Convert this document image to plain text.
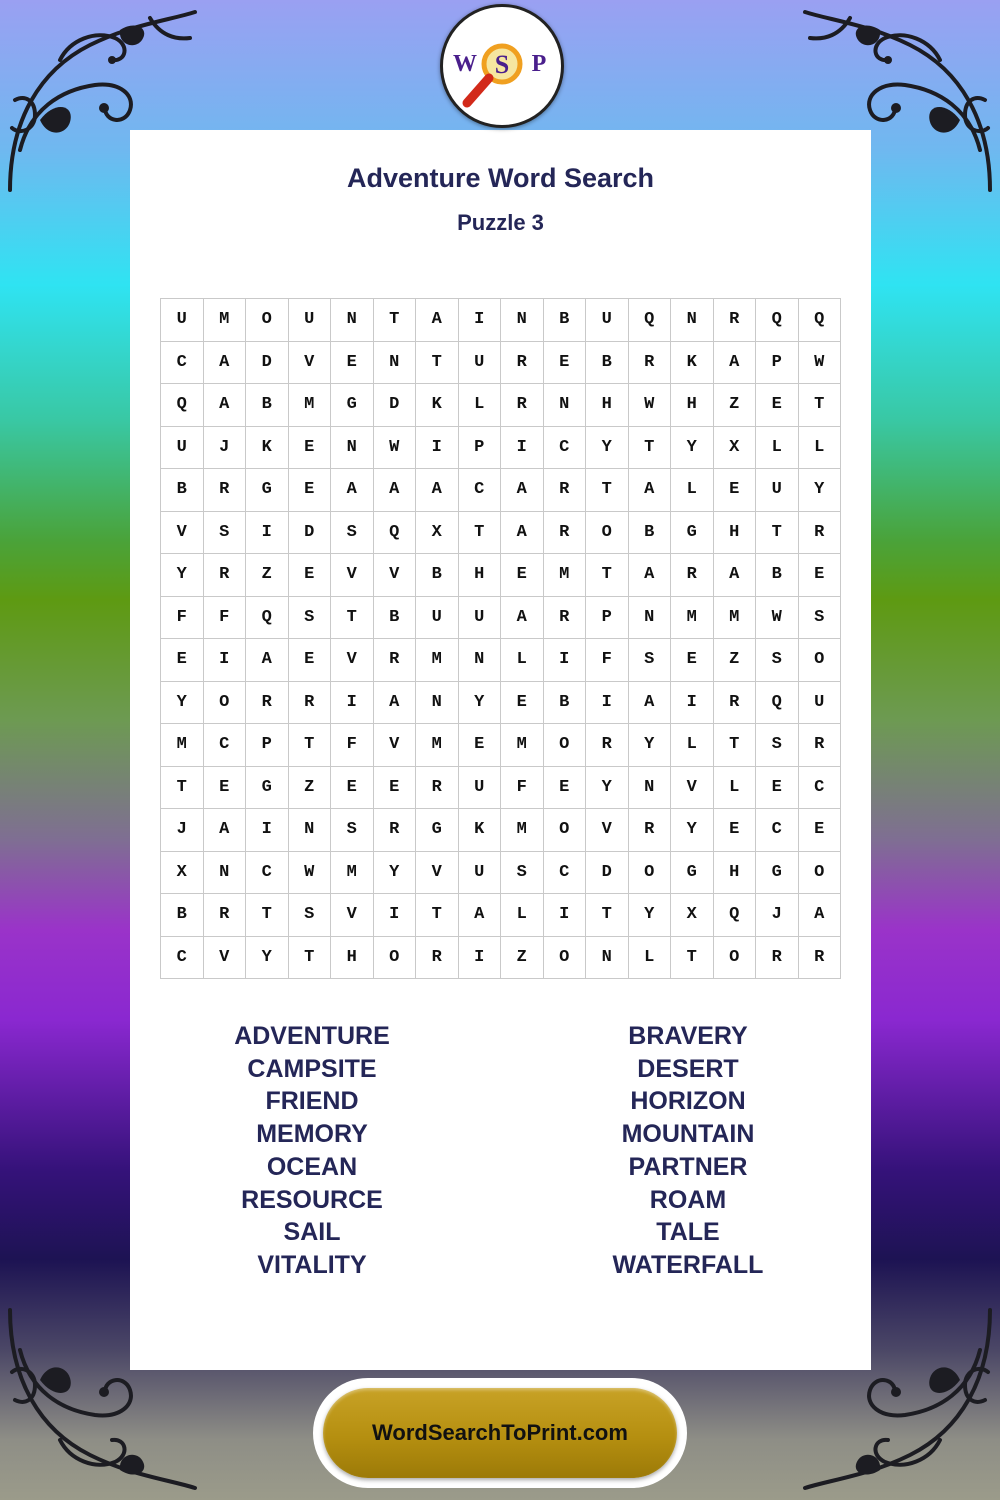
W S P
Adventure Word Search
Puzzle 3
U	M	O	U	N	T	A	I	N	B	U	Q	N	R	Q	Q
C	A	D	V	E	N	T	U	R	E	B	R	K	A	P	W
Q	A	B	M	G	D	K	L	R	N	H	W	H	Z	E	T
U	J	K	E	N	W	I	P	I	C	Y	T	Y	X	L	L
B	R	G	E	A	A	A	C	A	R	T	A	L	E	U	Y
V	S	I	D	S	Q	X	T	A	R	O	B	G	H	T	R
Y	R	Z	E	V	V	B	H	E	M	T	A	R	A	B	E
F	F	Q	S	T	B	U	U	A	R	P	N	M	M	W	S
E	I	A	E	V	R	M	N	L	I	F	S	E	Z	S	O
Y	O	R	R	I	A	N	Y	E	B	I	A	I	R	Q	U
M	C	P	T	F	V	M	E	M	O	R	Y	L	T	S	R
T	E	G	Z	E	E	R	U	F	E	Y	N	V	L	E	C
J	A	I	N	S	R	G	K	M	O	V	R	Y	E	C	E
X	N	C	W	M	Y	V	U	S	C	D	O	G	H	G	O
B	R	T	S	V	I	T	A	L	I	T	Y	X	Q	J	A
C	V	Y	T	H	O	R	I	Z	O	N	L	T	O	R	R
ADVENTURE
CAMPSITE
FRIEND
MEMORY
OCEAN
RESOURCE
SAIL
VITALITY
BRAVERY
DESERT
HORIZON
MOUNTAIN
PARTNER
ROAM
TALE
WATERFALL
WordSearchToPrint.com
